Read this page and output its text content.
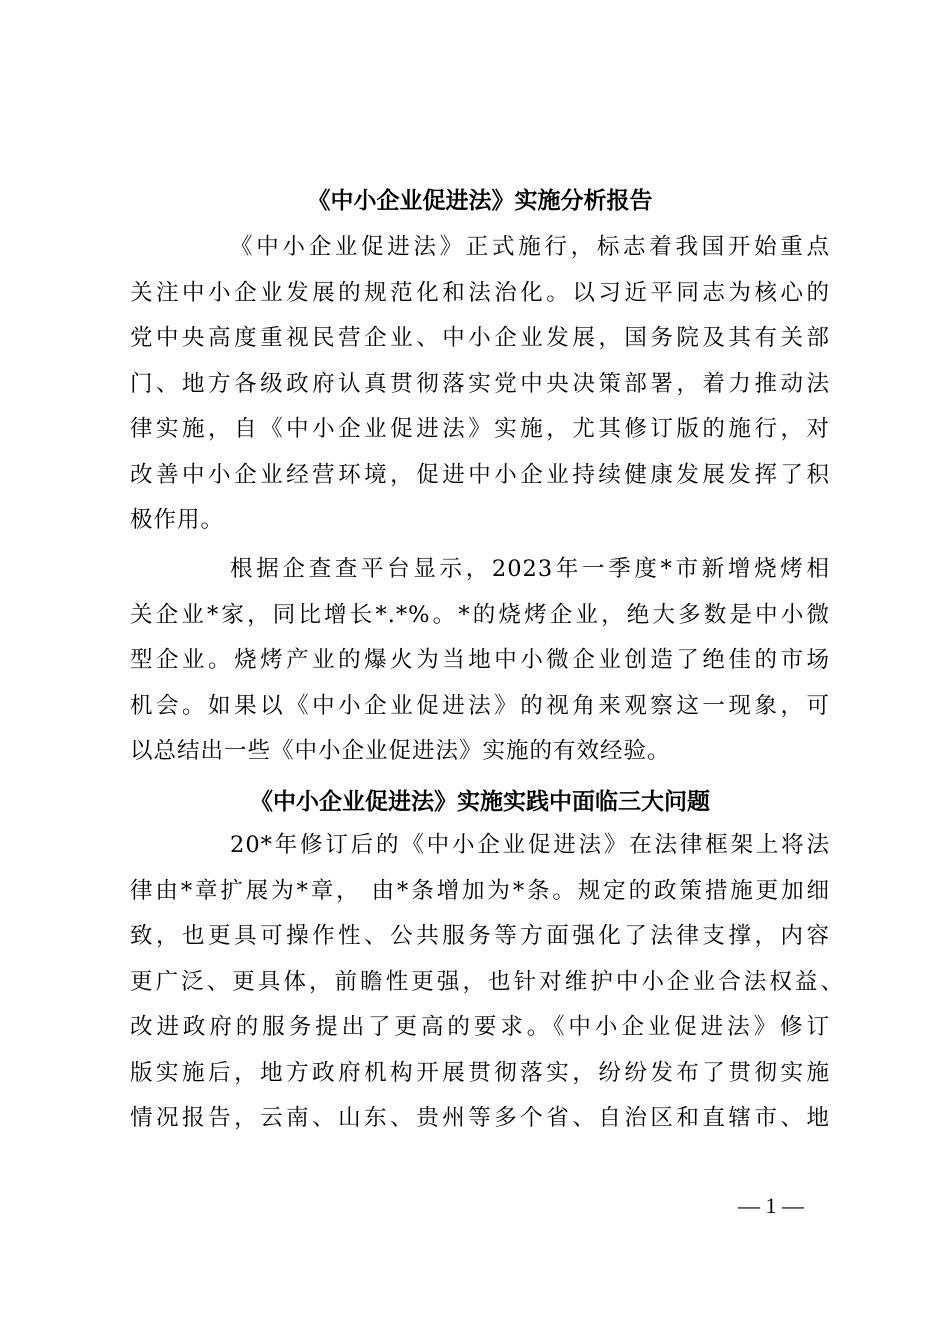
《中小企业促进法》实施分析报告
《中小企业促进法》正式施行，标志着我国开始重点
关注中小企业发展的规范化和法治化。以习近平同志为核心的
党中央高度重视民营企业、中小企业发展，国务院及其有关部
门、地方各级政府认真贯彻落实党中央决策部署，着力推动法
律实施，自《中小企业促进法》实施，尤其修订版的施行，对
改善中小企业经营环境，促进中小企业持续健康发展发挥了积
极作用。
根据企查查平台显示，2023年一季度*市新增烧烤相
关企业*家，同比增长*.*%。*的烧烤企业，绝大多数是中小微
型企业。烧烤产业的爆火为当地中小微企业创造了绝佳的市场
机会。如果以《中小企业促进法》的视角来观察这一现象，可
以总结出一些《中小企业促进法》实施的有效经验。
《中小企业促进法》实施实践中面临三大问题
20*年修订后的《中小企业促进法》在法律框架上将法
律由*章扩展为*章， 由*条增加为*条。规定的政策措施更加细
致，也更具可操作性、公共服务等方面强化了法律支撑，内容
更广泛、更具体，前瞻性更强，也针对维护中小企业合法权益、
改进政府的服务提出了更高的要求。《中小企业促进法》修订
版实施后，地方政府机构开展贯彻落实，纷纷发布了贯彻实施
情况报告，云南、山东、贵州等多个省、自治区和直辖市、地
— 1 —
